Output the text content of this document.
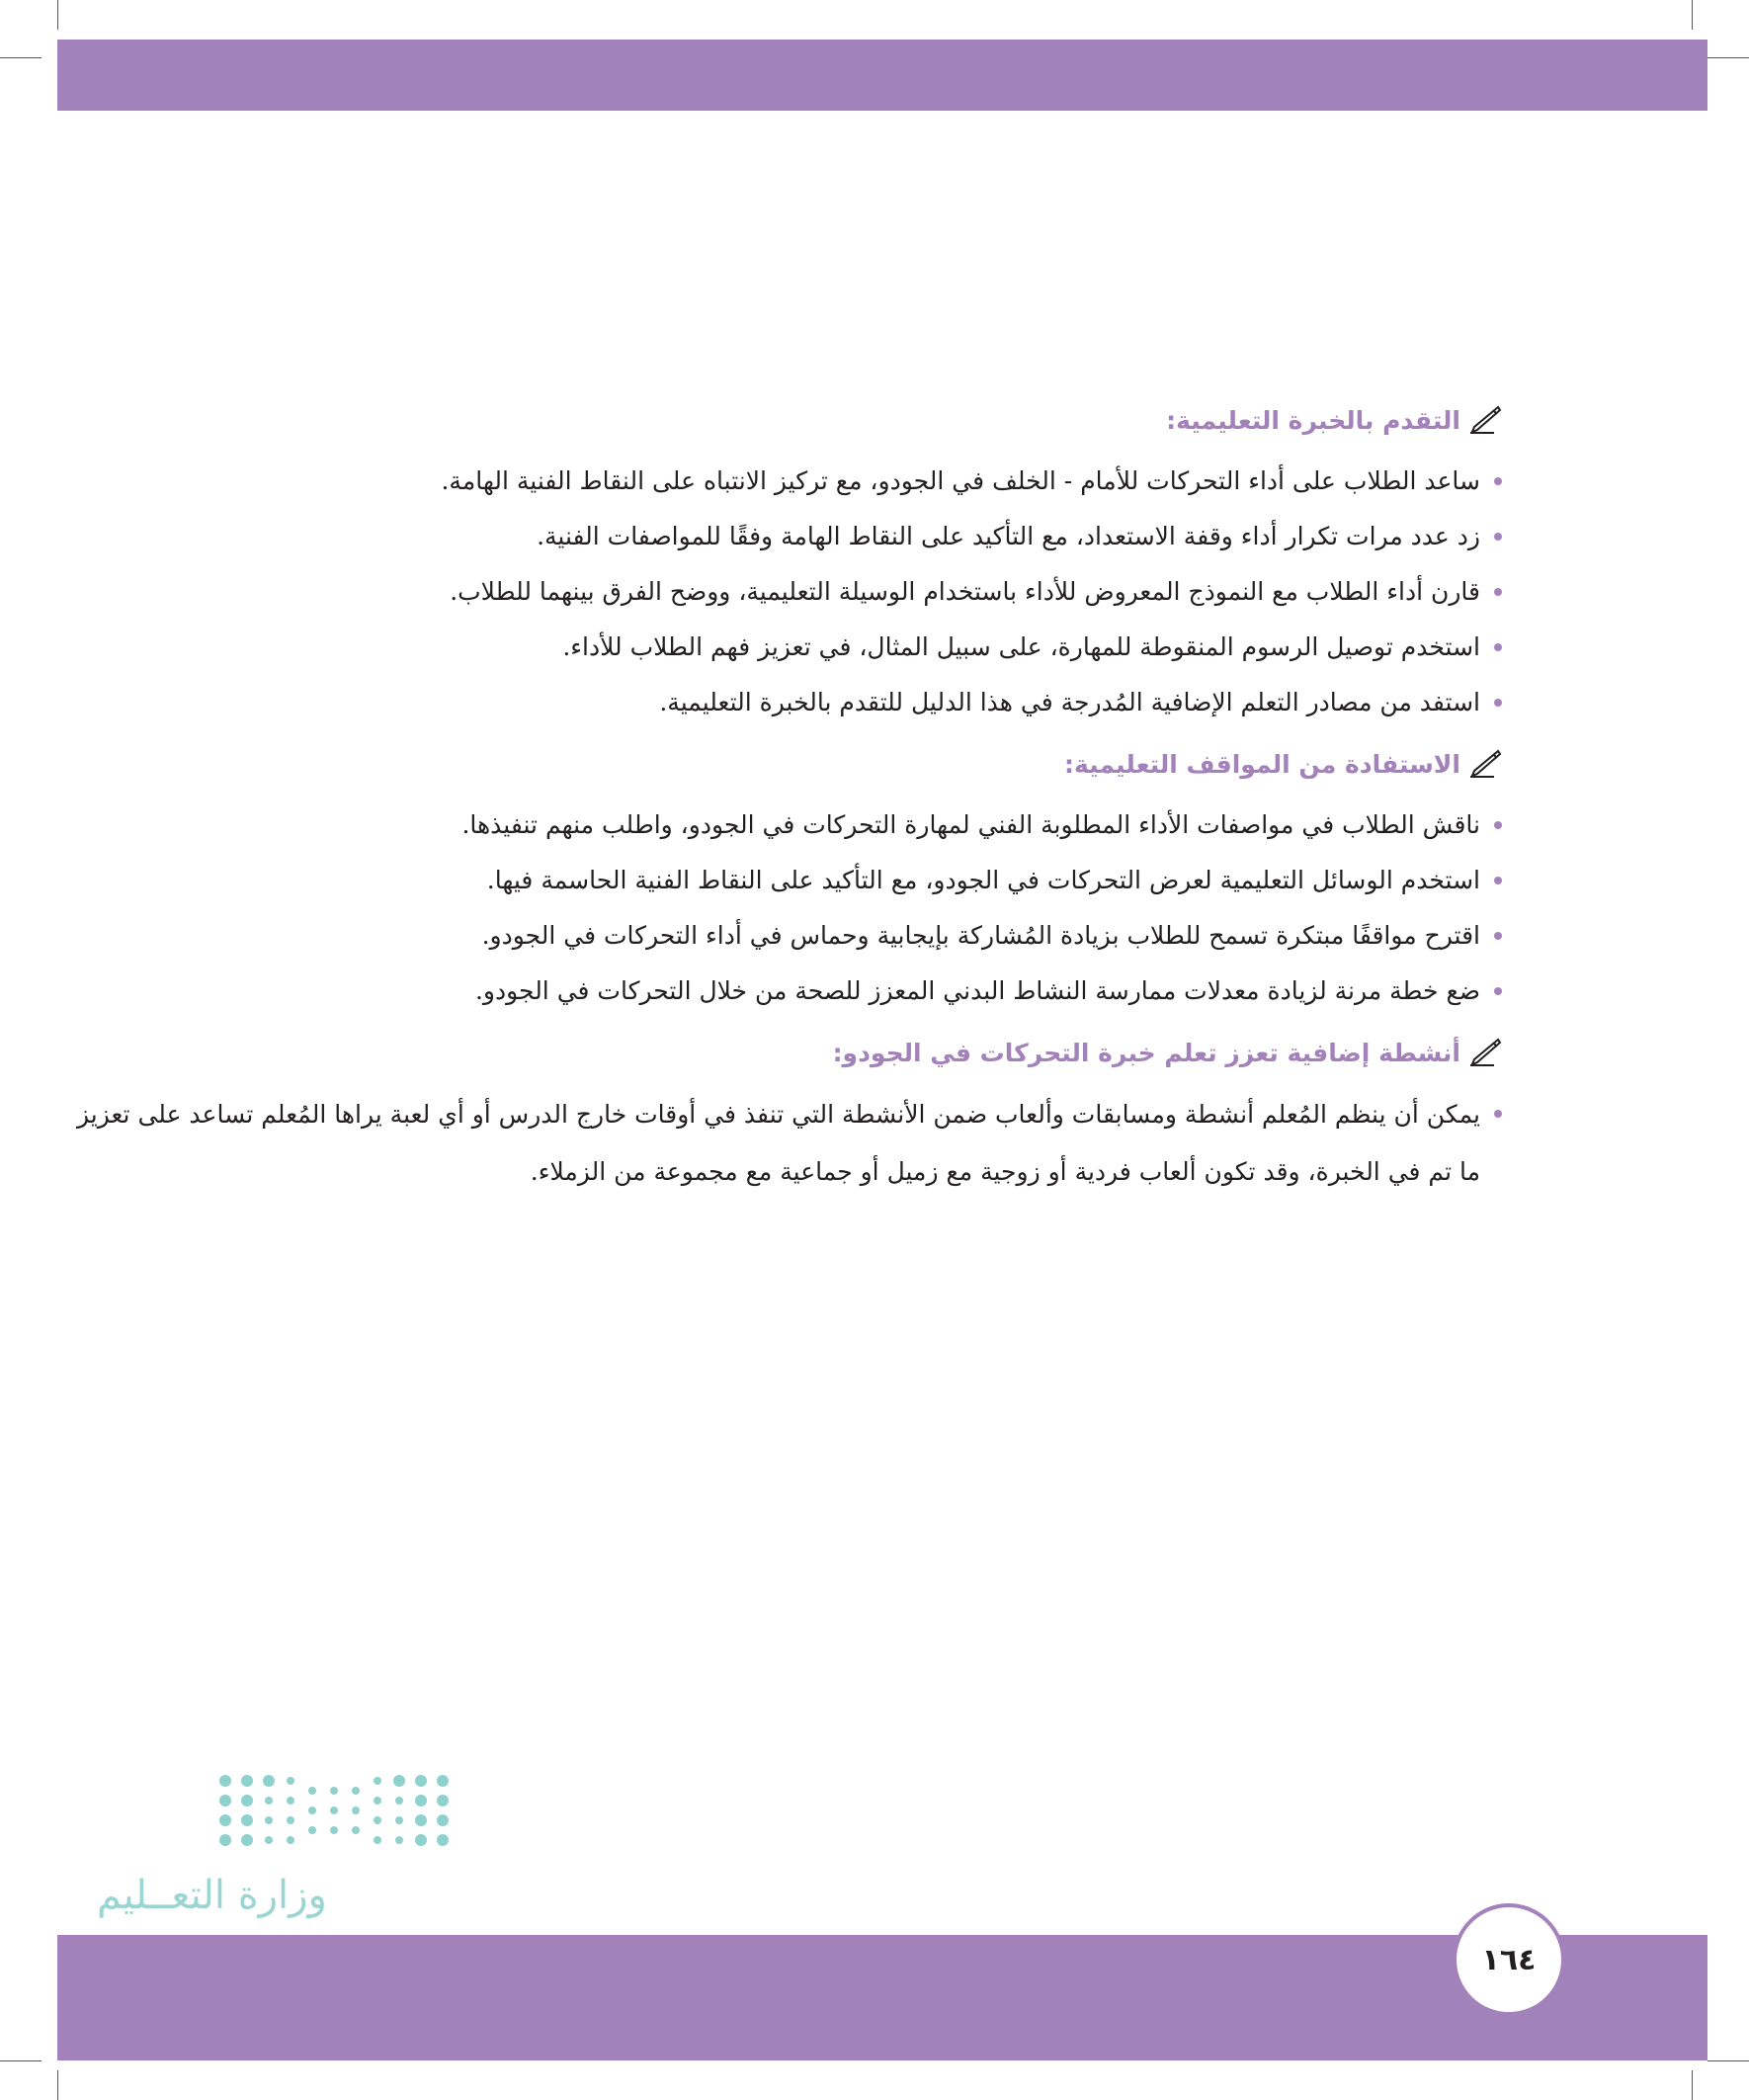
التقدم بالخبرة التعليمية:
ساعد الطلاب على أداء التحركات للأمام - الخلف في الجودو، مع تركيز الانتباه على النقاط الفنية الهامة.
زد عدد مرات تكرار أداء وقفة الاستعداد، مع التأكيد على النقاط الهامة وفقًا للمواصفات الفنية.
قارن أداء الطلاب مع النموذج المعروض للأداء باستخدام الوسيلة التعليمية، ووضح الفرق بينهما للطلاب.
استخدم توصيل الرسوم المنقوطة للمهارة، على سبيل المثال، في تعزيز فهم الطلاب للأداء.
استفد من مصادر التعلم الإضافية المُدرجة في هذا الدليل للتقدم بالخبرة التعليمية.
الاستفادة من المواقف التعليمية:
ناقش الطلاب في مواصفات الأداء المطلوبة الفني لمهارة التحركات في الجودو، واطلب منهم تنفيذها.
استخدم الوسائل التعليمية لعرض التحركات في الجودو، مع التأكيد على النقاط الفنية الحاسمة فيها.
اقترح مواقفًا مبتكرة تسمح للطلاب بزيادة المُشاركة بإيجابية وحماس في أداء التحركات في الجودو.
ضع خطة مرنة لزيادة معدلات ممارسة النشاط البدني المعزز للصحة من خلال التحركات في الجودو.
أنشطة إضافية تعزز تعلم خبرة التحركات في الجودو:
يمكن أن ينظم المُعلم أنشطة ومسابقات وألعاب ضمن الأنشطة التي تنفذ في أوقات خارج الدرس أو أي لعبة يراها المُعلم تساعد على تعزيز ما تم في الخبرة، وقد تكون ألعاب فردية أو زوجية مع زميل أو جماعية مع مجموعة من الزملاء.
وزارة التعــليم
١٦٤
